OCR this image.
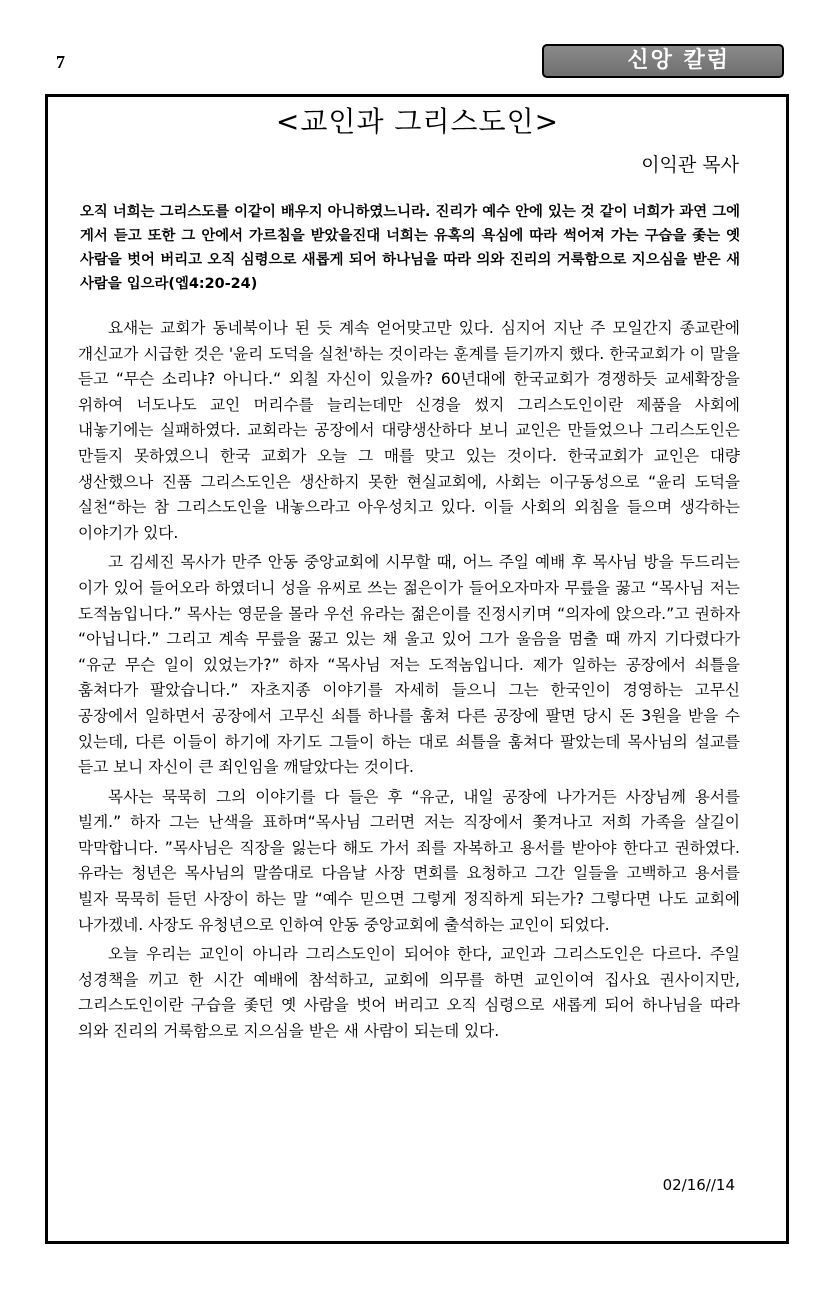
7	신앙 칼럼
<교인과 그리스도인>
이익관 목사
오직 너희는 그리스도를 이같이 배우지 아니하였느니라. 진리가 예수 안에 있는 것 같이 너희가 과연 그에게서 듣고 또한 그 안에서 가르침을 받았을진대 너희는 유혹의 욕심에 따라 썩어져 가는 구습을 좇는 옛 사람을 벗어 버리고 오직 심령으로 새롭게 되어 하나님을 따라 의와 진리의 거룩함으로 지으심을 받은 새 사람을 입으라(엡4:20-24)

요새는 교회가 동네북이나 된 듯 계속 얻어맞고만 있다. 심지어 지난 주 모일간지 종교란에 개신교가 시급한 것은 '윤리 도덕을 실천'하는 것이라는 훈계를 듣기까지 했다. 한국교회가 이 말을 듣고 “무슨 소리냐? 아니다.“ 외칠 자신이 있을까? 60년대에 한국교회가 경쟁하듯 교세확장을 위하여 너도나도 교인 머리수를 늘리는데만 신경을 썼지 그리스도인이란 제품을 사회에 내놓기에는 실패하였다. 교회라는 공장에서 대량생산하다 보니 교인은 만들었으나 그리스도인은 만들지 못하였으니 한국 교회가 오늘 그 매를 맞고 있는 것이다. 한국교회가 교인은 대량 생산했으나 진품 그리스도인은 생산하지 못한 현실교회에, 사회는 이구동성으로 “윤리 도덕을 실천“하는 참 그리스도인을 내놓으라고 아우성치고 있다. 이들 사회의 외침을 들으며 생각하는 이야기가 있다.

고 김세진 목사가 만주 안동 중앙교회에 시무할 때, 어느 주일 예배 후 목사님 방을 두드리는 이가 있어 들어오라 하였더니 성을 유씨로 쓰는 젊은이가 들어오자마자 무릎을 꿇고 “목사님 저는 도적놈입니다.” 목사는 영문을 몰라 우선 유라는 젊은이를 진정시키며 “의자에 앉으라.”고 권하자 “아닙니다.” 그리고 계속 무릎을 꿇고 있는 채 울고 있어 그가 울음을 멈출 때 까지 기다렸다가 “유군 무슨 일이 있었는가?” 하자 “목사님 저는 도적놈입니다. 제가 일하는 공장에서 쇠틀을 훔쳐다가 팔았습니다.” 자초지종 이야기를 자세히 들으니 그는 한국인이 경영하는 고무신 공장에서 일하면서 공장에서 고무신 쇠틀 하나를 훔쳐 다른 공장에 팔면 당시 돈 3원을 받을 수 있는데, 다른 이들이 하기에 자기도 그들이 하는 대로 쇠틀을 훔쳐다 팔았는데 목사님의 설교를 듣고 보니 자신이 큰 죄인임을 깨달았다는 것이다.

목사는 묵묵히 그의 이야기를 다 들은 후 “유군, 내일 공장에 나가거든 사장님께 용서를 빌게.” 하자 그는 난색을 표하며“목사님 그러면 저는 직장에서 쫓겨나고 저희 가족을 살길이 막막합니다. ”목사님은 직장을 잃는다 해도 가서 죄를 자복하고 용서를 받아야 한다고 권하였다. 유라는 청년은 목사님의 말씀대로 다음날 사장 면회를 요청하고 그간 일들을 고백하고 용서를 빌자 묵묵히 듣던 사장이 하는 말 “예수 믿으면 그렇게 정직하게 되는가? 그렇다면 나도 교회에 나가겠네. 사장도 유청년으로 인하여 안동 중앙교회에 출석하는 교인이 되었다.

오늘 우리는 교인이 아니라 그리스도인이 되어야 한다, 교인과 그리스도인은 다르다. 주일 성경책을 끼고 한 시간 예배에 참석하고, 교회에 의무를 하면 교인이여 집사요 권사이지만, 그리스도인이란 구습을 좇던 옛 사람을 벗어 버리고 오직 심령으로 새롭게 되어 하나님을 따라 의와 진리의 거룩함으로 지으심을 받은 새 사람이 되는데 있다.

02/16//14
